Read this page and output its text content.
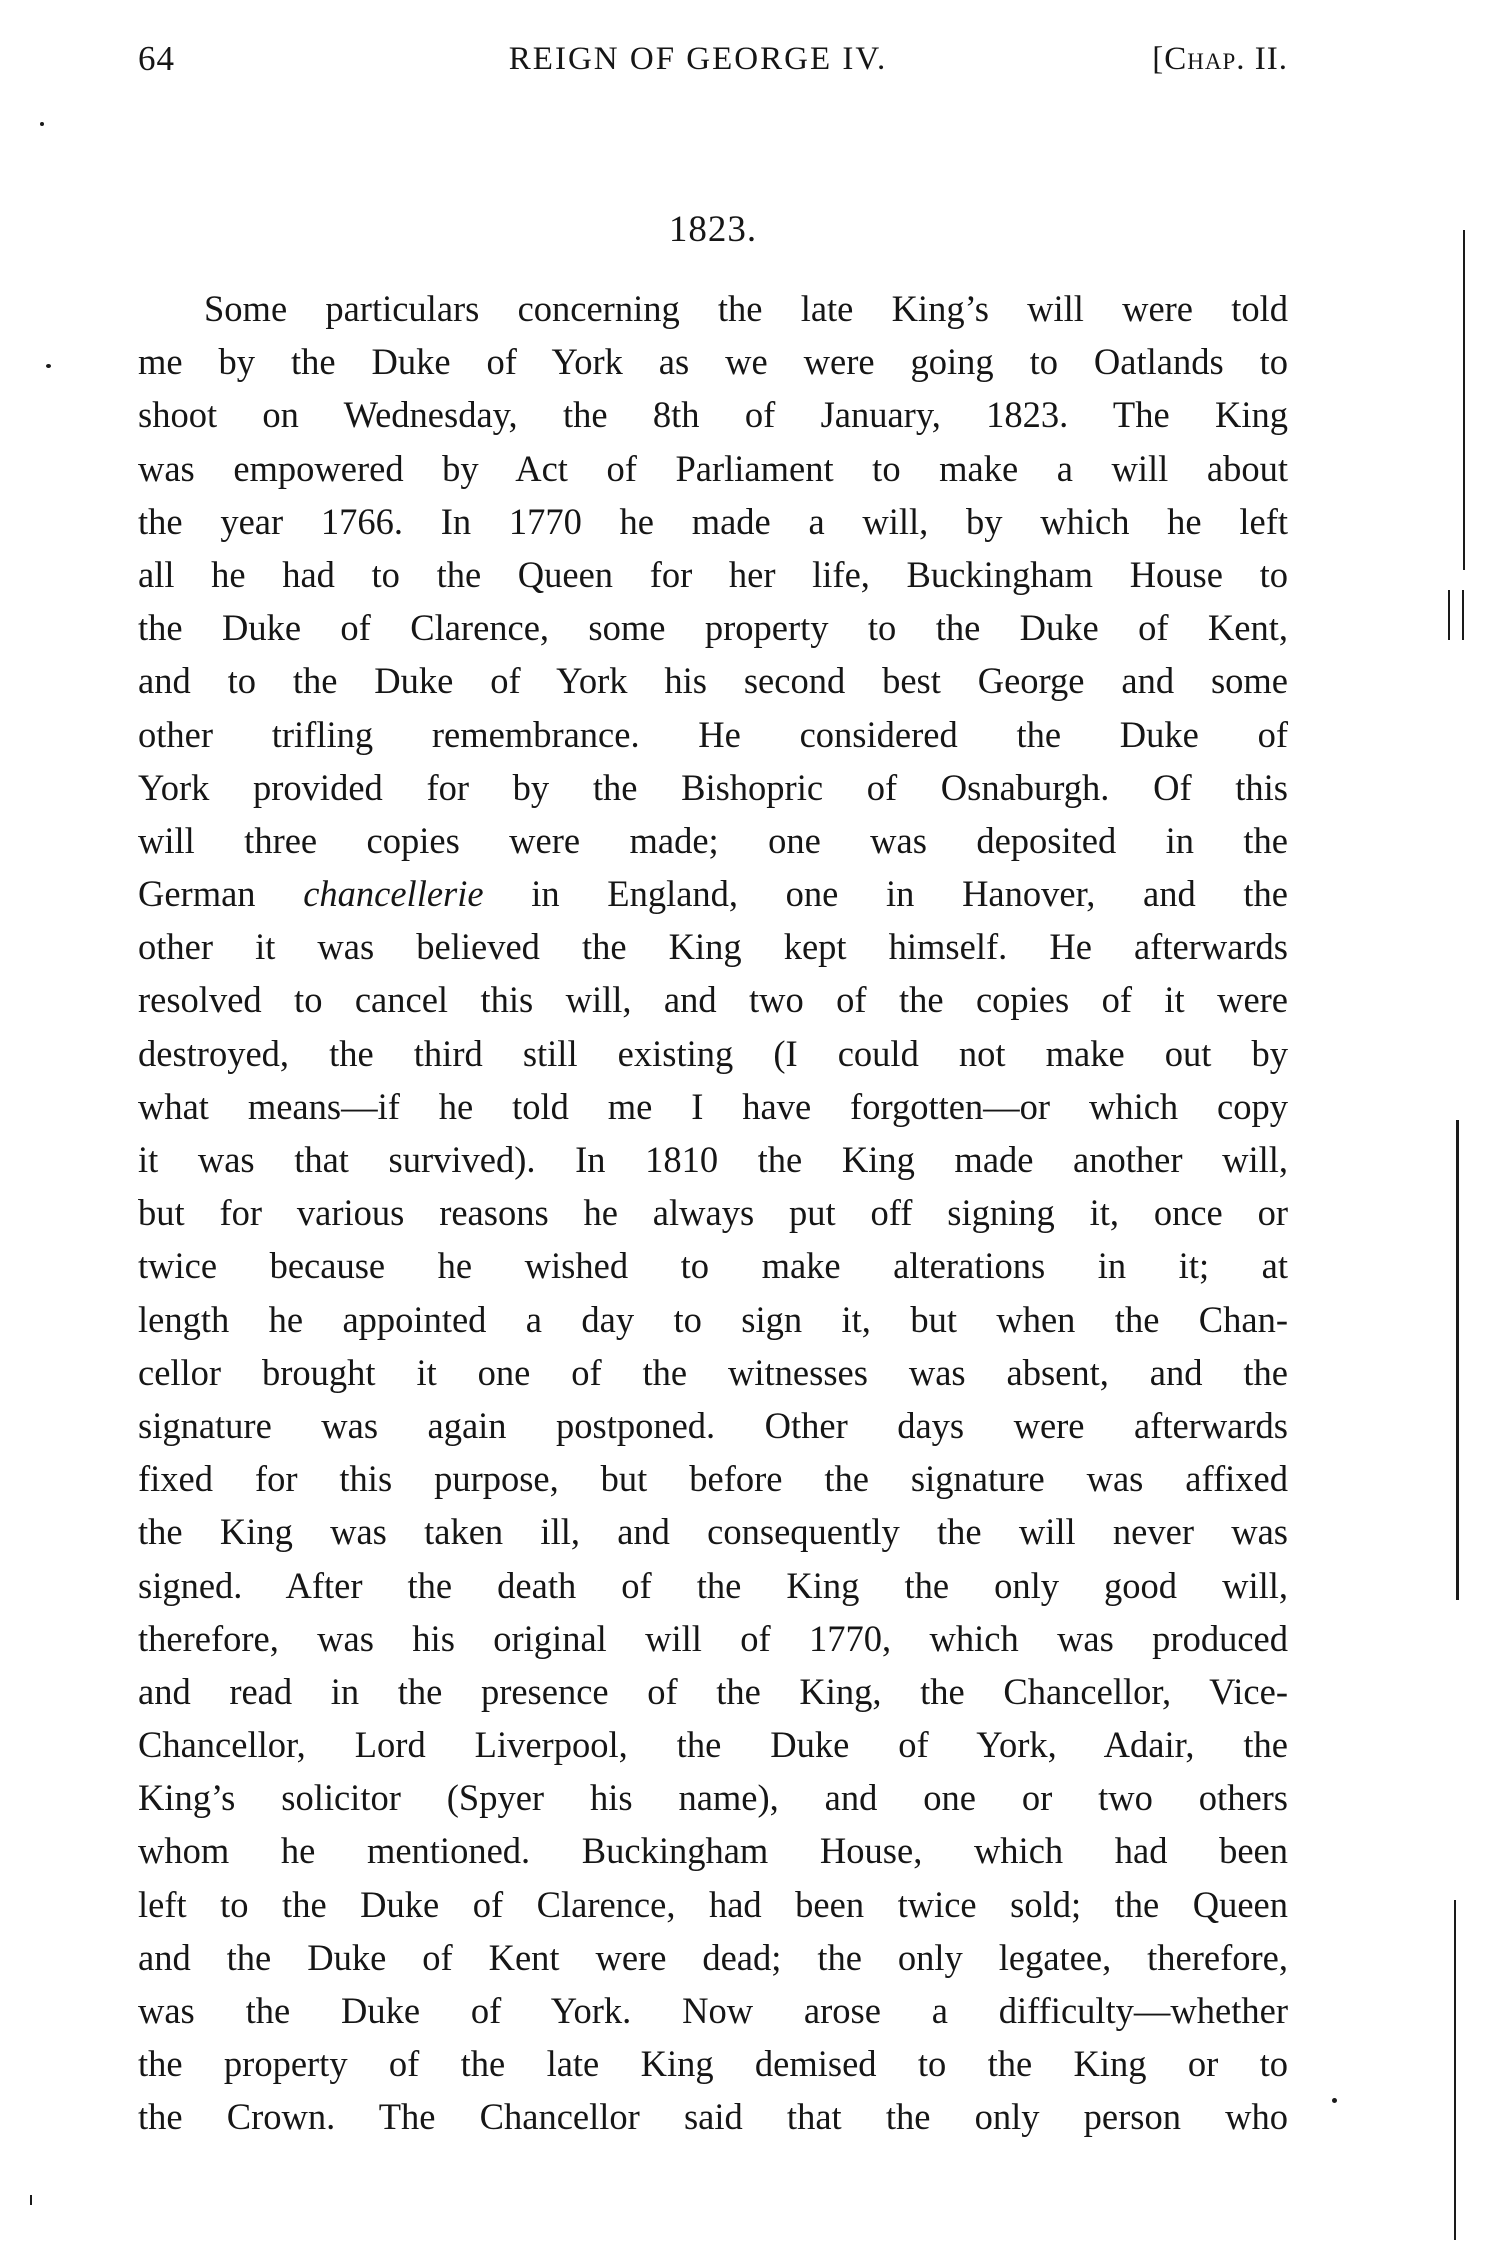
64	REIGN OF GEORGE IV.	[Chap. II.
1823.
Some particulars concerning the late King’s will were told
me by the Duke of York as we were going to Oatlands to
shoot on Wednesday, the 8th of January, 1823. The King
was empowered by Act of Parliament to make a will about
the year 1766. In 1770 he made a will, by which he left
all he had to the Queen for her life, Buckingham House to
the Duke of Clarence, some property to the Duke of Kent,
and to the Duke of York his second best George and some
other trifling remembrance. He considered the Duke of
York provided for by the Bishopric of Osnaburgh. Of this
will three copies were made; one was deposited in the
German chancellerie in England, one in Hanover, and the
other it was believed the King kept himself. He afterwards
resolved to cancel this will, and two of the copies of it were
destroyed, the third still existing (I could not make out by
what means—if he told me I have forgotten—or which copy
it was that survived). In 1810 the King made another will,
but for various reasons he always put off signing it, once or
twice because he wished to make alterations in it; at
length he appointed a day to sign it, but when the Chan-
cellor brought it one of the witnesses was absent, and the
signature was again postponed. Other days were afterwards
fixed for this purpose, but before the signature was affixed
the King was taken ill, and consequently the will never was
signed. After the death of the King the only good will,
therefore, was his original will of 1770, which was produced
and read in the presence of the King, the Chancellor, Vice-
Chancellor, Lord Liverpool, the Duke of York, Adair, the
King’s solicitor (Spyer his name), and one or two others
whom he mentioned. Buckingham House, which had been
left to the Duke of Clarence, had been twice sold; the Queen
and the Duke of Kent were dead; the only legatee, therefore,
was the Duke of York. Now arose a difficulty—whether
the property of the late King demised to the King or to
the Crown. The Chancellor said that the only person who
